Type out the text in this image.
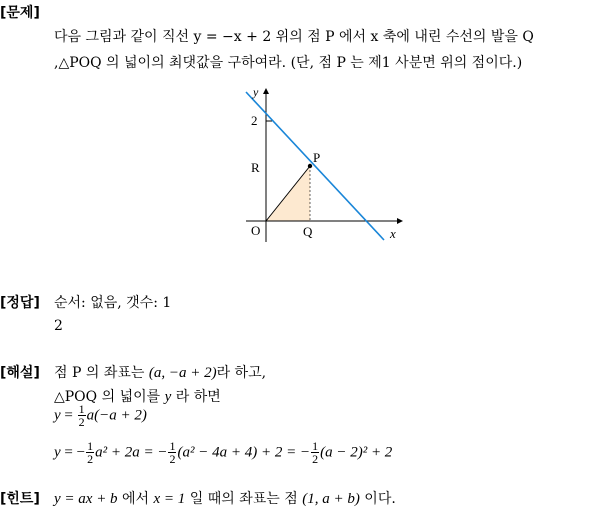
[문제]
다음 그림과 같이 직선 y = −x + 2 위의 점 P 에서 x 축에 내린 수선의 발을 Q
,△POQ 의 넓이의 최댓값을 구하여라. (단, 점 P 는 제1 사분면 위의 점이다.)
y
2
R
P
O	Q	x
[정답] 순서: 없음, 갯수: 1
2
[해설] 점 P 의 좌표는 (a, −a + 2)라 하고,
△POQ 의 넓이를 y 라 하면
$y = \frac{1}{2} a(-a + 2)$
y = − $\frac{1}{2} a^2 + 2a$ = − $\frac{1}{2} (a^2 - 4a + 4) + 2$ = − $\frac{1}{2} (a - 2)^2 + 2$
[힌트] y = ax + b 에서 x = 1 일 때의 좌표는 점 (1, a + b) 이다.
